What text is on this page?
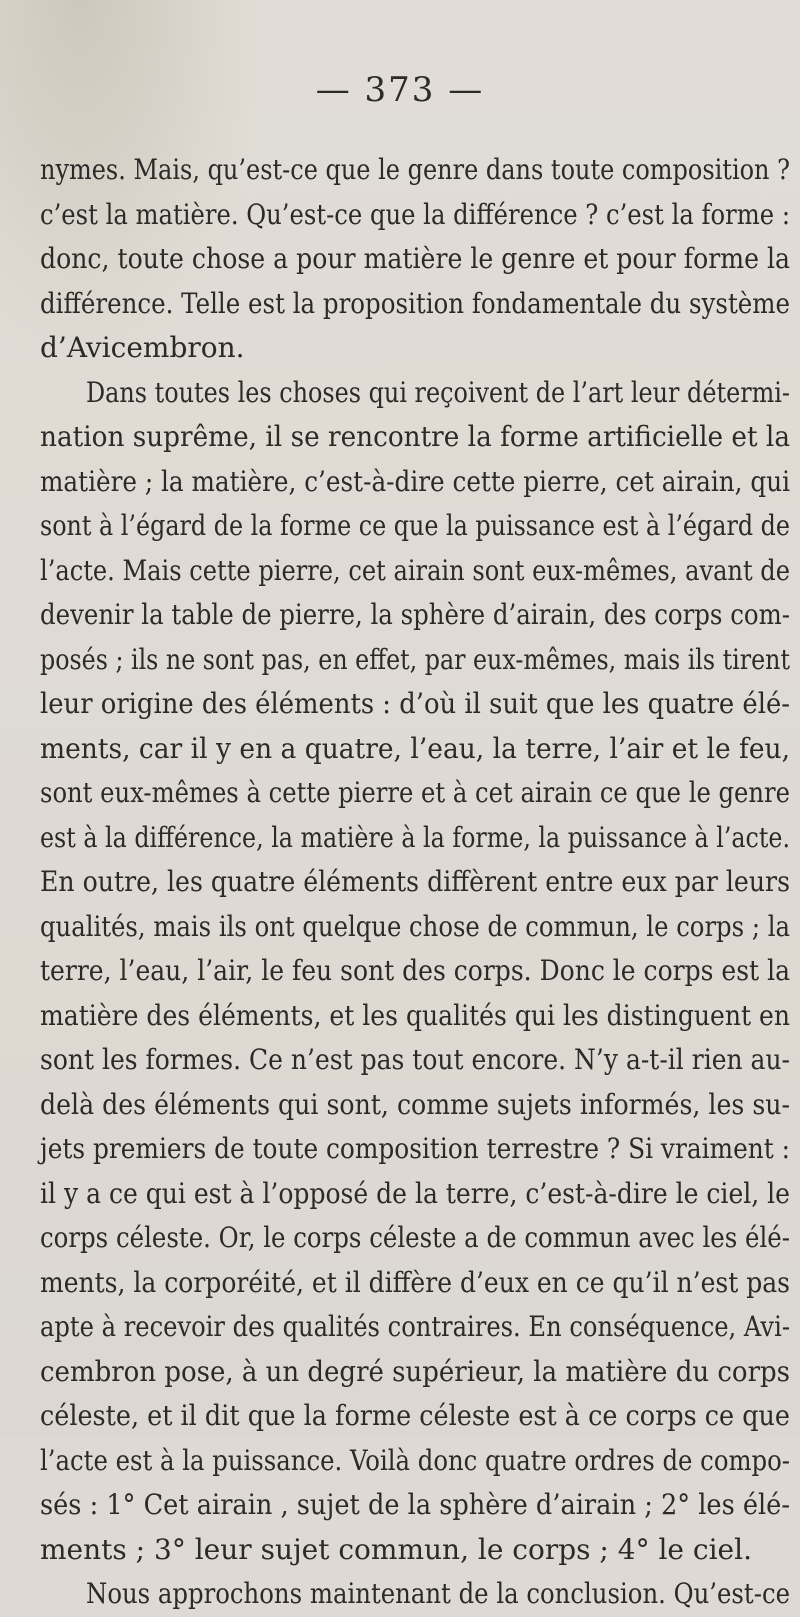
— 373 —
nymes. Mais, qu’est-ce que le genre dans toute composition ?
c’est la matière. Qu’est-ce que la différence ? c’est la forme :
donc, toute chose a pour matière le genre et pour forme la
différence. Telle est la proposition fondamentale du système
d’Avicembron.
Dans toutes les choses qui reçoivent de l’art leur détermi-
nation suprême, il se rencontre la forme artificielle et la
matière ; la matière, c’est-à-dire cette pierre, cet airain, qui
sont à l’égard de la forme ce que la puissance est à l’égard de
l’acte. Mais cette pierre, cet airain sont eux-mêmes, avant de
devenir la table de pierre, la sphère d’airain, des corps com-
posés ; ils ne sont pas, en effet, par eux-mêmes, mais ils tirent
leur origine des éléments : d’où il suit que les quatre élé-
ments, car il y en a quatre, l’eau, la terre, l’air et le feu,
sont eux-mêmes à cette pierre et à cet airain ce que le genre
est à la différence, la matière à la forme, la puissance à l’acte.
En outre, les quatre éléments diffèrent entre eux par leurs
qualités, mais ils ont quelque chose de commun, le corps ; la
terre, l’eau, l’air, le feu sont des corps. Donc le corps est la
matière des éléments, et les qualités qui les distinguent en
sont les formes. Ce n’est pas tout encore. N’y a-t-il rien au-
delà des éléments qui sont, comme sujets informés, les su-
jets premiers de toute composition terrestre ? Si vraiment :
il y a ce qui est à l’opposé de la terre, c’est-à-dire le ciel, le
corps céleste. Or, le corps céleste a de commun avec les élé-
ments, la corporéité, et il diffère d’eux en ce qu’il n’est pas
apte à recevoir des qualités contraires. En conséquence, Avi-
cembron pose, à un degré supérieur, la matière du corps
céleste, et il dit que la forme céleste est à ce corps ce que
l’acte est à la puissance. Voilà donc quatre ordres de compo-
sés : 1° Cet airain , sujet de la sphère d’airain ; 2° les élé-
ments ; 3° leur sujet commun, le corps ; 4° le ciel.
Nous approchons maintenant de la conclusion. Qu’est-ce
